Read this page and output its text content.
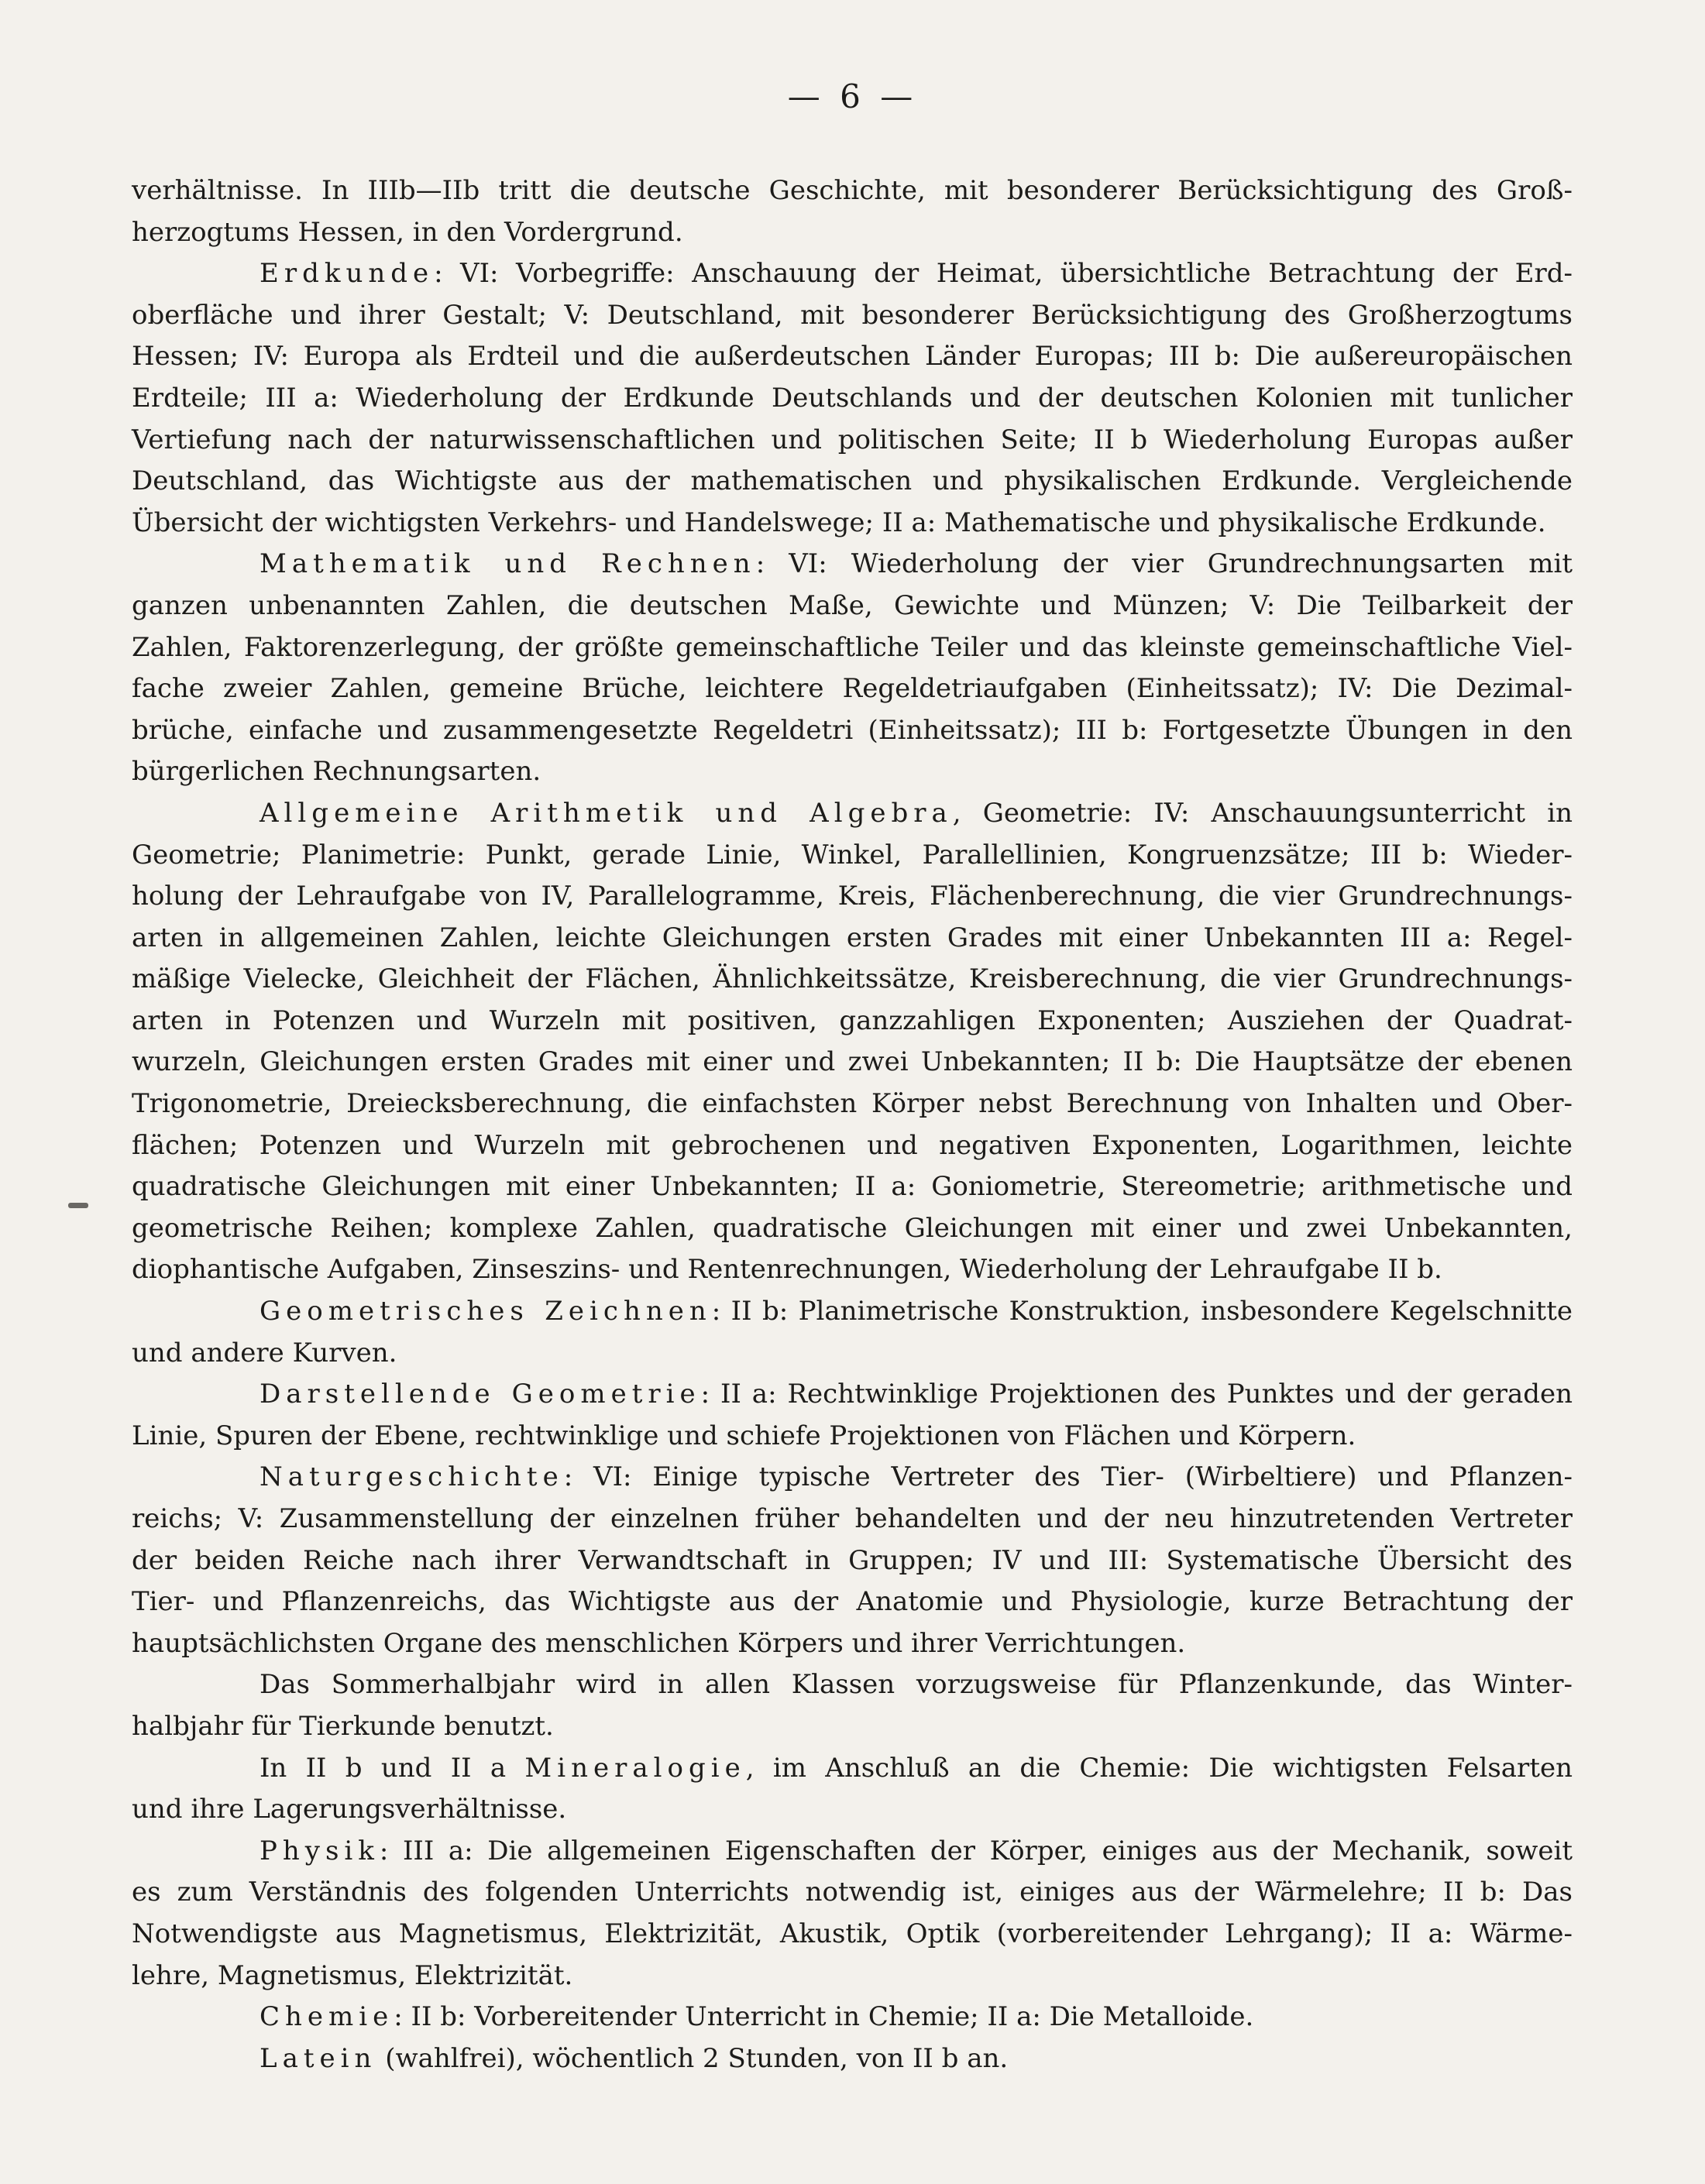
— 6 —
verhältnisse. In IIIb—IIb tritt die deutsche Geschichte, mit besonderer Berücksichtigung des Groß-
herzogtums Hessen, in den Vordergrund.
Erdkunde: VI: Vorbegriffe: Anschauung der Heimat, übersichtliche Betrachtung der Erd-
oberfläche und ihrer Gestalt; V: Deutschland, mit besonderer Berücksichtigung des Großherzogtums
Hessen; IV: Europa als Erdteil und die außerdeutschen Länder Europas; III b: Die außereuropäischen
Erdteile; III a: Wiederholung der Erdkunde Deutschlands und der deutschen Kolonien mit tunlicher
Vertiefung nach der naturwissenschaftlichen und politischen Seite; II b Wiederholung Europas außer
Deutschland, das Wichtigste aus der mathematischen und physikalischen Erdkunde. Vergleichende
Übersicht der wichtigsten Verkehrs- und Handelswege; II a: Mathematische und physikalische Erdkunde.
Mathematik und Rechnen: VI: Wiederholung der vier Grundrechnungsarten mit
ganzen unbenannten Zahlen, die deutschen Maße, Gewichte und Münzen; V: Die Teilbarkeit der
Zahlen, Faktorenzerlegung, der größte gemeinschaftliche Teiler und das kleinste gemeinschaftliche Viel-
fache zweier Zahlen, gemeine Brüche, leichtere Regeldetriaufgaben (Einheitssatz); IV: Die Dezimal-
brüche, einfache und zusammengesetzte Regeldetri (Einheitssatz); III b: Fortgesetzte Übungen in den
bürgerlichen Rechnungsarten.
Allgemeine Arithmetik und Algebra, Geometrie: IV: Anschauungsunterricht in
Geometrie; Planimetrie: Punkt, gerade Linie, Winkel, Parallellinien, Kongruenzsätze; III b: Wieder-
holung der Lehraufgabe von IV, Parallelogramme, Kreis, Flächenberechnung, die vier Grundrechnungs-
arten in allgemeinen Zahlen, leichte Gleichungen ersten Grades mit einer Unbekannten III a: Regel-
mäßige Vielecke, Gleichheit der Flächen, Ähnlichkeitssätze, Kreisberechnung, die vier Grundrechnungs-
arten in Potenzen und Wurzeln mit positiven, ganzzahligen Exponenten; Ausziehen der Quadrat-
wurzeln, Gleichungen ersten Grades mit einer und zwei Unbekannten; II b: Die Hauptsätze der ebenen
Trigonometrie, Dreiecksberechnung, die einfachsten Körper nebst Berechnung von Inhalten und Ober-
flächen; Potenzen und Wurzeln mit gebrochenen und negativen Exponenten, Logarithmen, leichte
quadratische Gleichungen mit einer Unbekannten; II a: Goniometrie, Stereometrie; arithmetische und
geometrische Reihen; komplexe Zahlen, quadratische Gleichungen mit einer und zwei Unbekannten,
diophantische Aufgaben, Zinseszins- und Rentenrechnungen, Wiederholung der Lehraufgabe II b.
Geometrisches Zeichnen: II b: Planimetrische Konstruktion, insbesondere Kegelschnitte
und andere Kurven.
Darstellende Geometrie: II a: Rechtwinklige Projektionen des Punktes und der geraden
Linie, Spuren der Ebene, rechtwinklige und schiefe Projektionen von Flächen und Körpern.
Naturgeschichte: VI: Einige typische Vertreter des Tier- (Wirbeltiere) und Pflanzen-
reichs; V: Zusammenstellung der einzelnen früher behandelten und der neu hinzutretenden Vertreter
der beiden Reiche nach ihrer Verwandtschaft in Gruppen; IV und III: Systematische Übersicht des
Tier- und Pflanzenreichs, das Wichtigste aus der Anatomie und Physiologie, kurze Betrachtung der
hauptsächlichsten Organe des menschlichen Körpers und ihrer Verrichtungen.
Das Sommerhalbjahr wird in allen Klassen vorzugsweise für Pflanzenkunde, das Winter-
halbjahr für Tierkunde benutzt.
In II b und II a Mineralogie, im Anschluß an die Chemie: Die wichtigsten Felsarten
und ihre Lagerungsverhältnisse.
Physik: III a: Die allgemeinen Eigenschaften der Körper, einiges aus der Mechanik, soweit
es zum Verständnis des folgenden Unterrichts notwendig ist, einiges aus der Wärmelehre; II b: Das
Notwendigste aus Magnetismus, Elektrizität, Akustik, Optik (vorbereitender Lehrgang); II a: Wärme-
lehre, Magnetismus, Elektrizität.
Chemie: II b: Vorbereitender Unterricht in Chemie; II a: Die Metalloide.
Latein (wahlfrei), wöchentlich 2 Stunden, von II b an.
